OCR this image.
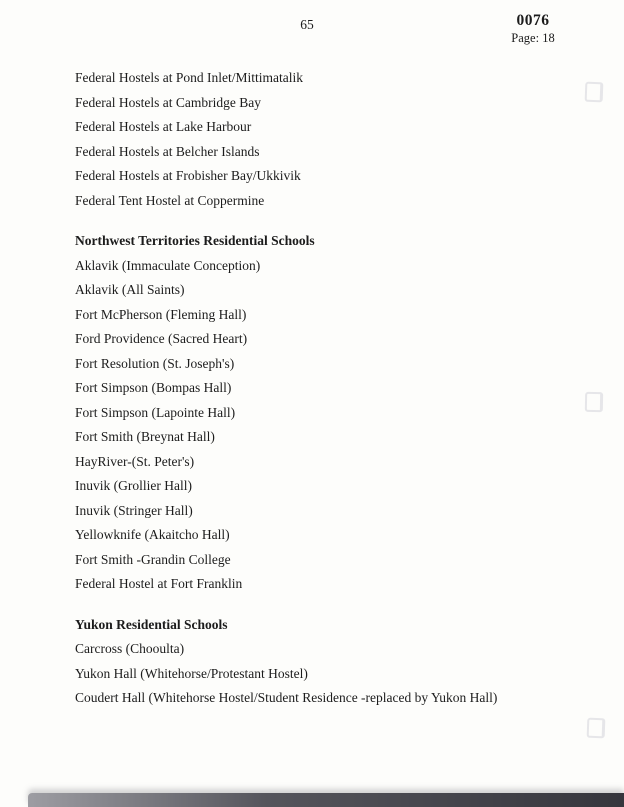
65	0076
Page: 18
Federal Hostels at Pond Inlet/Mittimatalik
Federal Hostels at Cambridge Bay
Federal Hostels at Lake Harbour
Federal Hostels at Belcher Islands
Federal Hostels at Frobisher Bay/Ukkivik
Federal Tent Hostel at Coppermine
Northwest Territories Residential Schools
Aklavik (Immaculate Conception)
Aklavik (All Saints)
Fort McPherson (Fleming Hall)
Ford Providence (Sacred Heart)
Fort Resolution (St. Joseph's)
Fort Simpson (Bompas Hall)
Fort Simpson (Lapointe Hall)
Fort Smith (Breynat Hall)
HayRiver-(St. Peter's)
Inuvik (Grollier Hall)
Inuvik (Stringer Hall)
Yellowknife (Akaitcho Hall)
Fort Smith -Grandin College
Federal Hostel at Fort Franklin
Yukon Residential Schools
Carcross (Chooulta)
Yukon Hall (Whitehorse/Protestant Hostel)
Coudert Hall (Whitehorse Hostel/Student Residence -replaced by Yukon Hall)
